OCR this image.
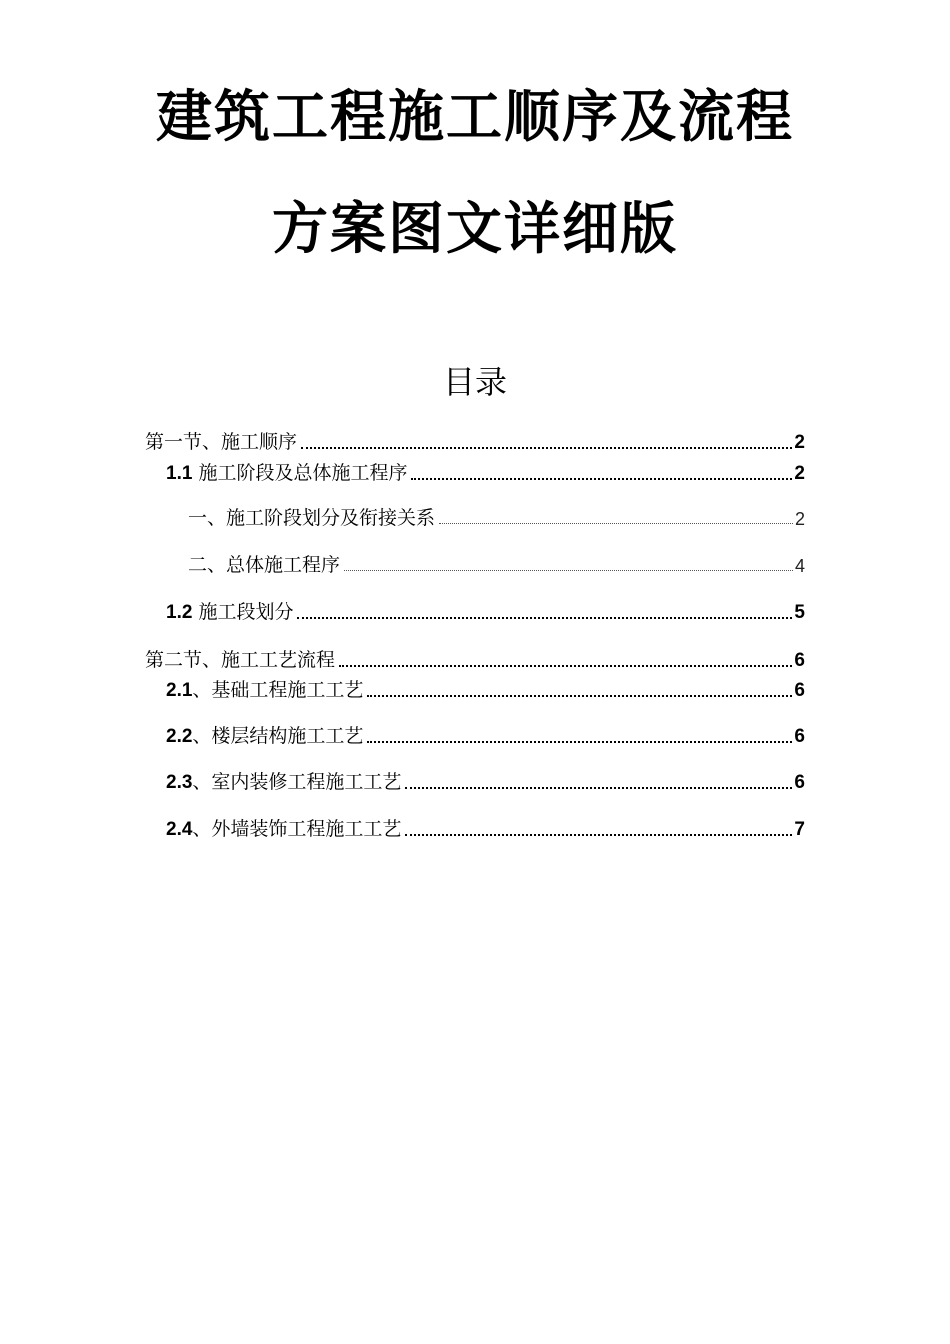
建筑工程施工顺序及流程
方案图文详细版
目录
第一节、施工顺序	2
1.1 施工阶段及总体施工程序	2
一、施工阶段划分及衔接关系	2
二、总体施工程序	4
1.2 施工段划分	5
第二节、施工工艺流程	6
2.1、基础工程施工工艺	6
2.2、楼层结构施工工艺	6
2.3、室内装修工程施工工艺	6
2.4、外墙装饰工程施工工艺	7
